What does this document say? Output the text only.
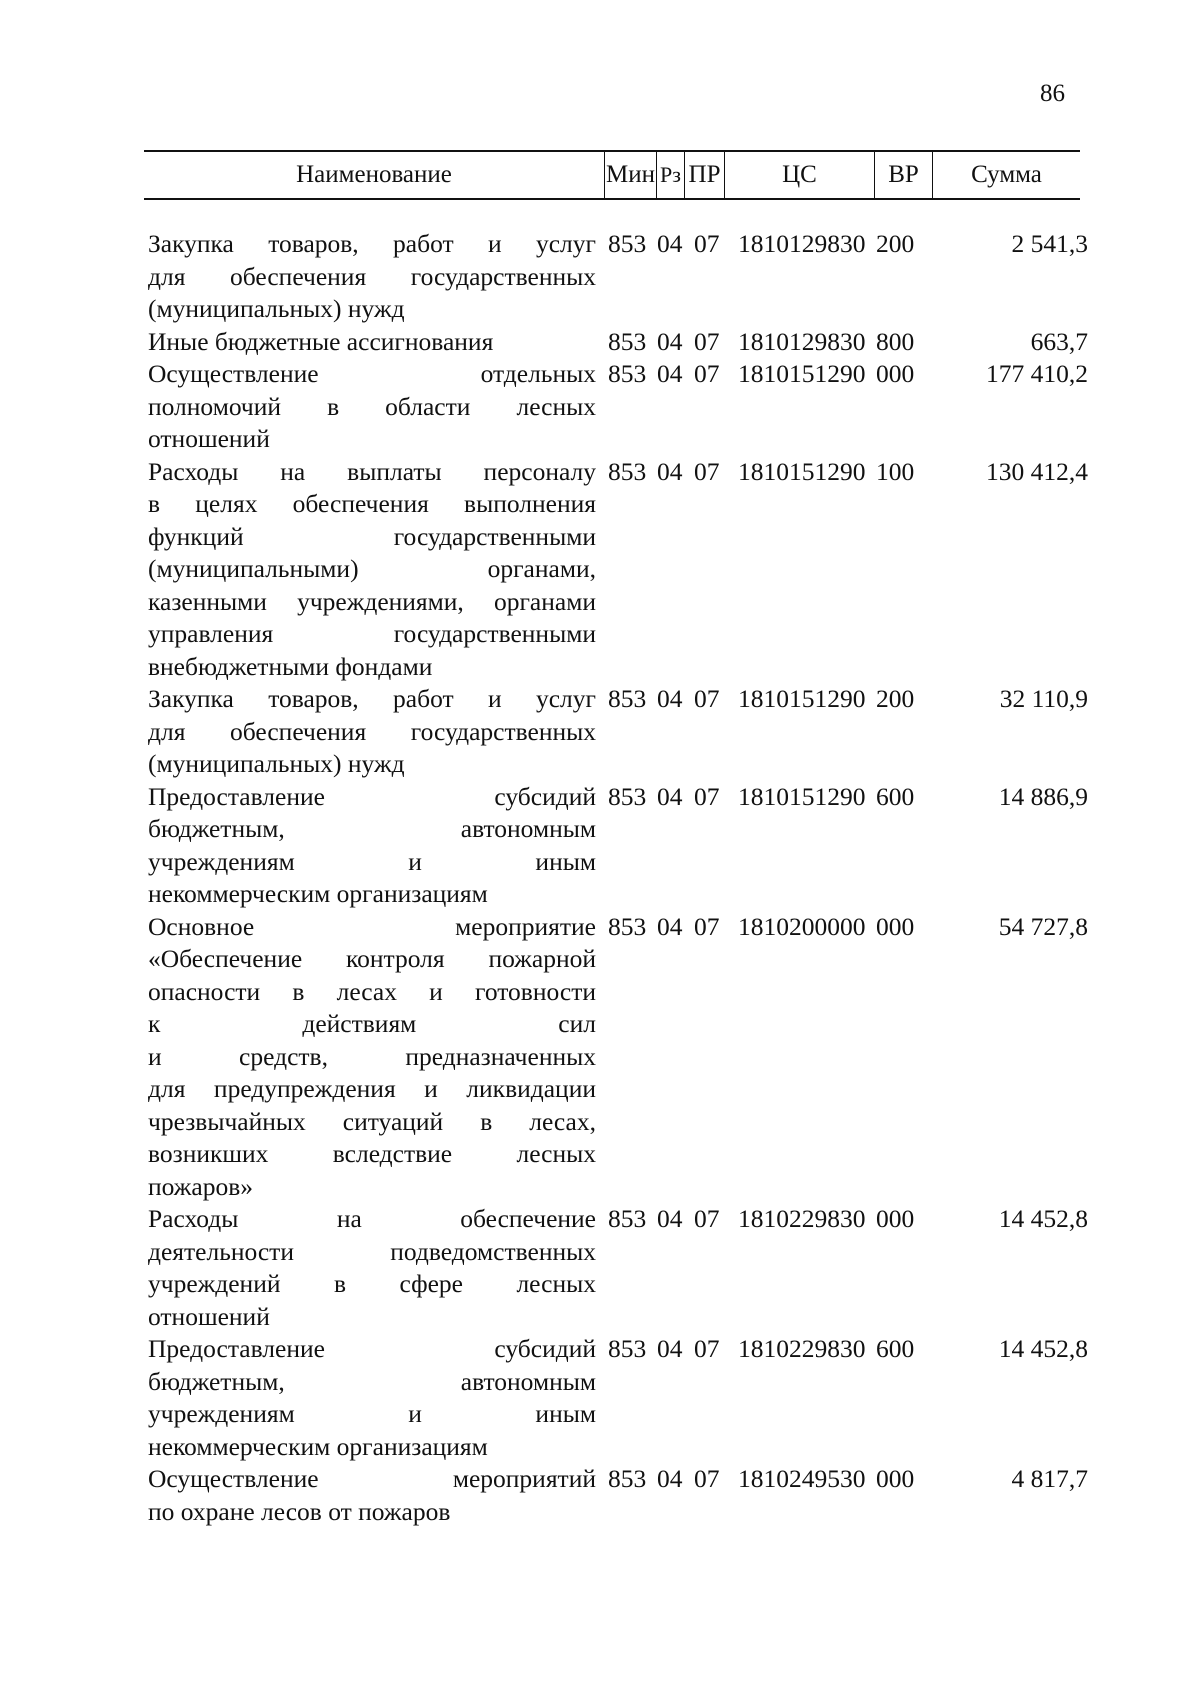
86
Наименование	Мин Рз ПР	ЦС	ВР	Сумма
Закупка товаров, работ и услуг
для обеспечения государственных
(муниципальных) нужд
853 04 07 1810129830 200	2 541,3
Иные бюджетные ассигнования	853 04 07 1810129830 800	663,7
Осуществление отдельных
полномочий в области лесных
отношений
853 04 07 1810151290 000	177 410,2
Расходы на выплаты персоналу
в целях обеспечения выполнения
функций государственными
(муниципальными) органами,
казенными учреждениями, органами
управления государственными
внебюджетными фондами
853 04 07 1810151290 100	130 412,4
Закупка товаров, работ и услуг
для обеспечения государственных
(муниципальных) нужд
853 04 07 1810151290 200	32 110,9
Предоставление субсидий
бюджетным, автономным
учреждениям и иным
некоммерческим организациям
853 04 07 1810151290 600	14 886,9
Основное мероприятие
«Обеспечение контроля пожарной
опасности в лесах и готовности
к действиям сил
и средств, предназначенных
для предупреждения и ликвидации
чрезвычайных ситуаций в лесах,
возникших вследствие лесных
пожаров»
853 04 07 1810200000 000	54 727,8
Расходы на обеспечение
деятельности подведомственных
учреждений в сфере лесных
отношений
853 04 07 1810229830 000	14 452,8
Предоставление субсидий
бюджетным, автономным
учреждениям и иным
некоммерческим организациям
853 04 07 1810229830 600	14 452,8
Осуществление мероприятий
по охране лесов от пожаров
853 04 07 1810249530 000	4 817,7
